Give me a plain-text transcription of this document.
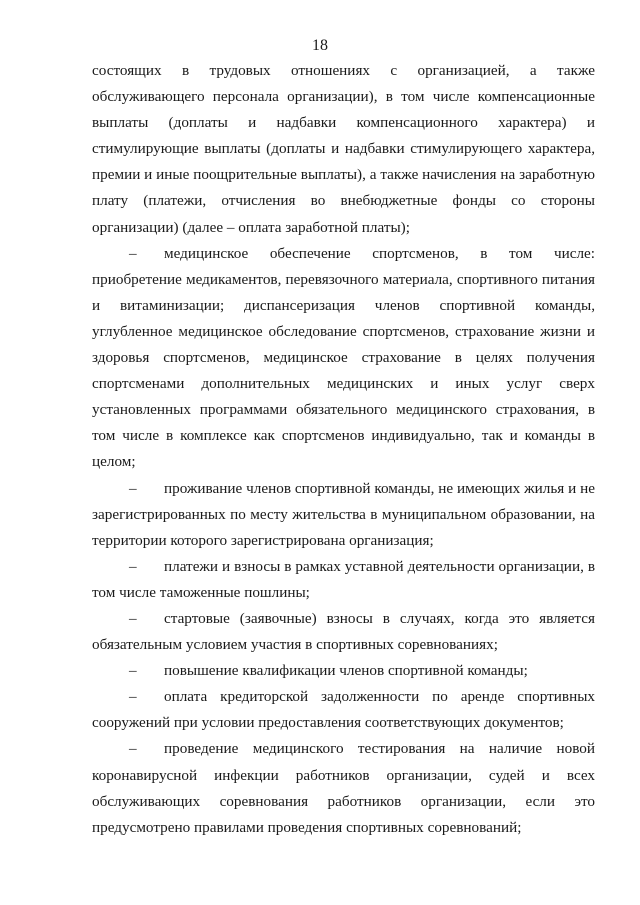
18

состоящих в трудовых отношениях с организацией, а также обслуживающего персонала организации), в том числе компенсационные выплаты (доплаты и надбавки компенсационного характера) и стимулирующие выплаты (доплаты и надбавки стимулирующего характера, премии и иные поощрительные выплаты), а также начисления на заработную плату (платежи, отчисления во внебюджетные фонды со стороны организации) (далее – оплата заработной платы);

– медицинское обеспечение спортсменов, в том числе: приобретение медикаментов, перевязочного материала, спортивного питания и витаминизации; диспансеризация членов спортивной команды, углубленное медицинское обследование спортсменов, страхование жизни и здоровья спортсменов, медицинское страхование в целях получения спортсменами дополнительных медицинских и иных услуг сверх установленных программами обязательного медицинского страхования, в том числе в комплексе как спортсменов индивидуально, так и команды в целом;

– проживание членов спортивной команды, не имеющих жилья и не зарегистрированных по месту жительства в муниципальном образовании, на территории которого зарегистрирована организация;

– платежи и взносы в рамках уставной деятельности организации, в том числе таможенные пошлины;

– стартовые (заявочные) взносы в случаях, когда это является обязательным условием участия в спортивных соревнованиях;

– повышение квалификации членов спортивной команды;

– оплата кредиторской задолженности по аренде спортивных сооружений при условии предоставления соответствующих документов;

– проведение медицинского тестирования на наличие новой коронавирусной инфекции работников организации, судей и всех обслуживающих соревнования работников организации, если это предусмотрено правилами проведения спортивных соревнований;
